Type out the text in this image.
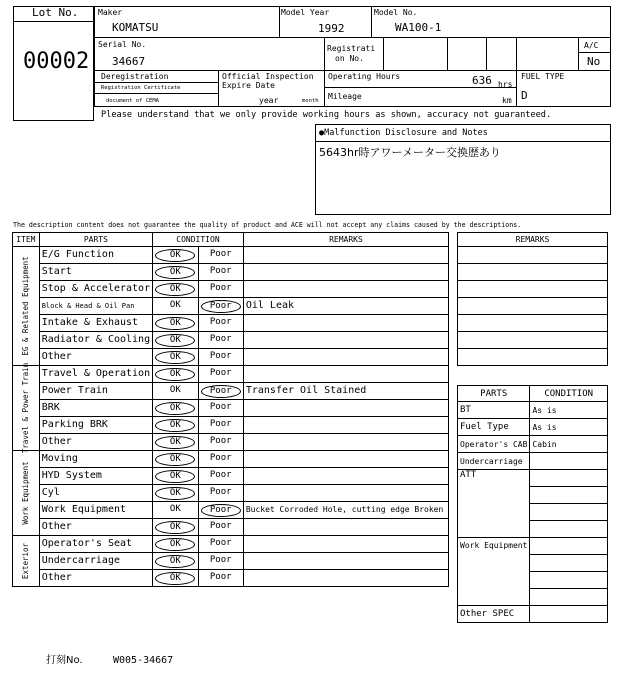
Lot No.
00002
Maker
KOMATSU
Model Year
1992
Model No.
WA100-1
Serial No.
34667
Registrati
on No.
A/C
No
Deregistration
Registration Certificate
document of CEMA
Official Inspection
Expire Date
year	month
Operating Hours	636 hrs
Mileage	km
FUEL TYPE
D
Please understand that we only provide working hours as shown, accuracy not guaranteed.
●Malfunction Disclosure and Notes
5643hr時アワーメーター交換歴あり
The description content does not guarantee the quality of product and ACE will not accept any claims caused by the descriptions.
ITEM	PARTS	CONDITION		REMARKS

EG & Related Equipment	E/G Function	OK	Poor	
	Start	OK	Poor	
	Stop & Accelerator	OK	Poor	
	Block & Head & Oil Pan	OK	Poor	Oil Leak
	Intake & Exhaust	OK	Poor	
	Radiator & Cooling	OK	Poor	
	Other	OK	Poor	

Travel & Power Train	Travel & Operation	OK	Poor	
	Power Train	OK	Poor	Transfer Oil Stained
	BRK	OK	Poor	
	Parking BRK	OK	Poor	
	Other	OK	Poor	

Work Equipment	Moving	OK	Poor	
	HYD System	OK	Poor	
	Cyl	OK	Poor	
	Work Equipment	OK	Poor	Bucket Corroded Hole, cutting edge Broken
	Other	OK	Poor	

Exterior	Operator's Seat	OK	Poor	
	Undercarriage	OK	Poor	
	Other	OK	Poor	
REMARKS

PARTS	CONDITION
BT	As is
Fuel Type	As is
Operator's CAB	Cabin
Undercarriage	
ATT	

Work Equipment	

Other SPEC	
打刻No.	W005-34667
